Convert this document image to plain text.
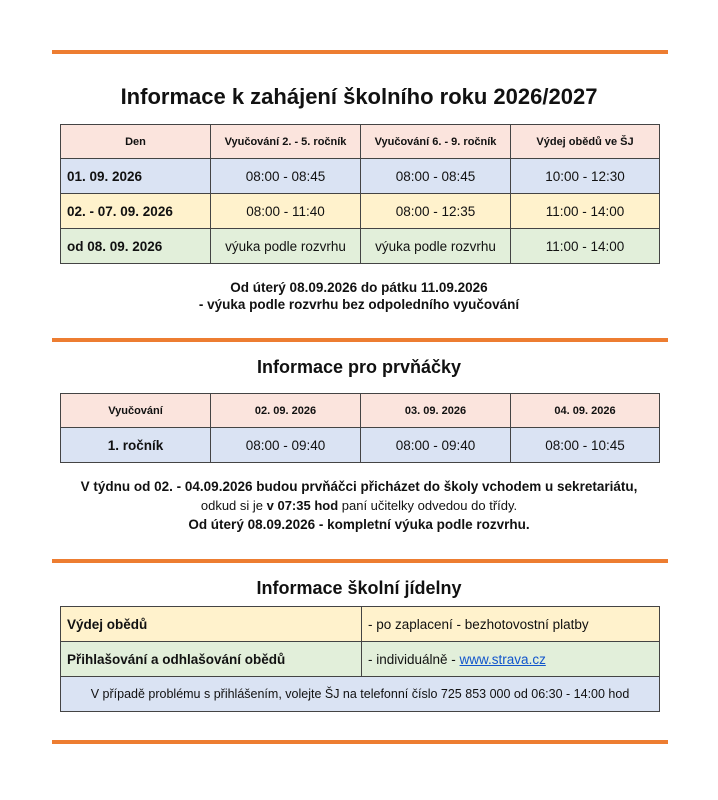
Informace k zahájení školního roku 2026/2027
Den	Vyučování 2. - 5. ročník	Vyučování 6. - 9. ročník	Výdej obědů ve ŠJ
01. 09. 2026	08:00 - 08:45	08:00 - 08:45	10:00 - 12:30
02. - 07. 09. 2026	08:00 - 11:40	08:00 - 12:35	11:00 - 14:00
od 08. 09. 2026	výuka podle rozvrhu	výuka podle rozvrhu	11:00 - 14:00
Od úterý 08.09.2026 do pátku 11.09.2026
- výuka podle rozvrhu bez odpoledního vyučování
Informace pro prvňáčky
Vyučování	02. 09. 2026	03. 09. 2026	04. 09. 2026
1. ročník	08:00 - 09:40	08:00 - 09:40	08:00 - 10:45
V týdnu od 02. - 04.09.2026 budou prvňáčci přicházet do školy vchodem u sekretariátu,
odkud si je v 07:35 hod paní učitelky odvedou do třídy.
Od úterý 08.09.2026 - kompletní výuka podle rozvrhu.
Informace školní jídelny
Výdej obědů	- po zaplacení - bezhotovostní platby
Přihlašování a odhlašování obědů	- individuálně - www.strava.cz
V případě problému s přihlášením, volejte ŠJ na telefonní číslo 725 853 000 od 06:30 - 14:00 hod	
